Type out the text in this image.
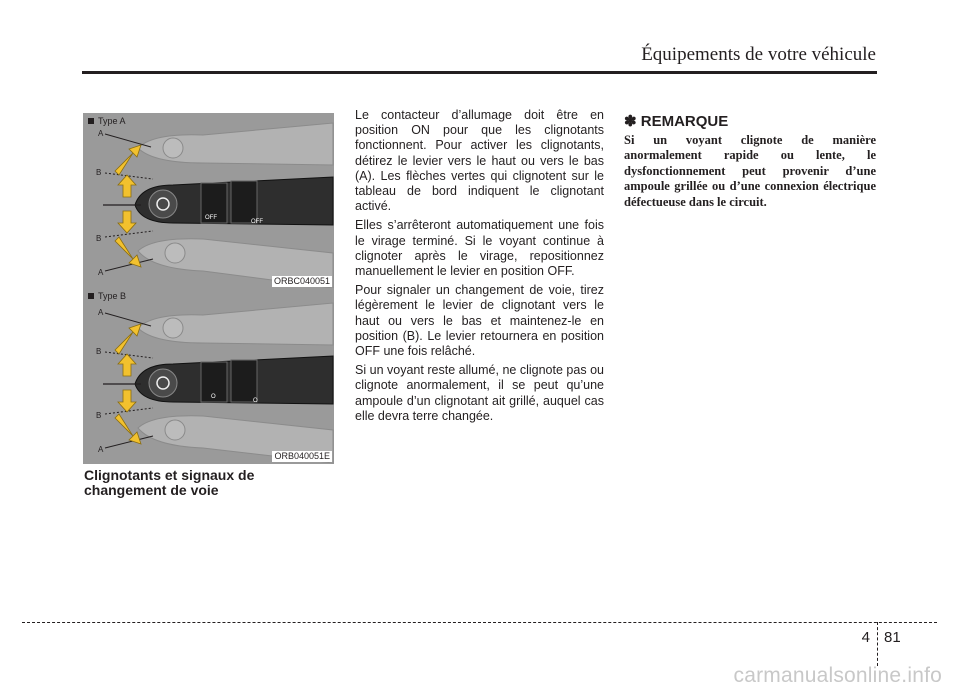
Équipements de votre véhicule
OFF
OFF
A
B
B
A
Type A
ORBC040051
O
O
A
B
B
A
Type B
ORB040051E
Clignotants et signaux de changement de voie

Le contacteur d’allumage doit être en position ON pour que les clignotants fonctionnent. Pour activer les clignotants, détirez le levier vers le haut ou vers le bas (A). Les flèches vertes qui clignotent sur le tableau de bord indiquent le clignotant activé.

Elles s’arrêteront automatiquement une fois le virage terminé. Si le voyant continue à clignoter après le virage, repositionnez manuellement le levier en position OFF.

Pour signaler un changement de voie, tirez légèrement le levier de clignotant vers le haut ou vers le bas et maintenez-le en position (B). Le levier retournera en position OFF une fois relâché.

Si un voyant reste allumé, ne clignote pas ou clignote anormalement, il se peut qu’une ampoule d’un clignotant ait grillé, auquel cas elle devra terre changée.

✽ REMARQUE
Si un voyant clignote de manière anormalement rapide ou lente, le dysfonctionnement peut provenir d’une ampoule grillée ou d’une connexion électrique défectueuse dans le circuit.
4 81
carmanualsonline.info
